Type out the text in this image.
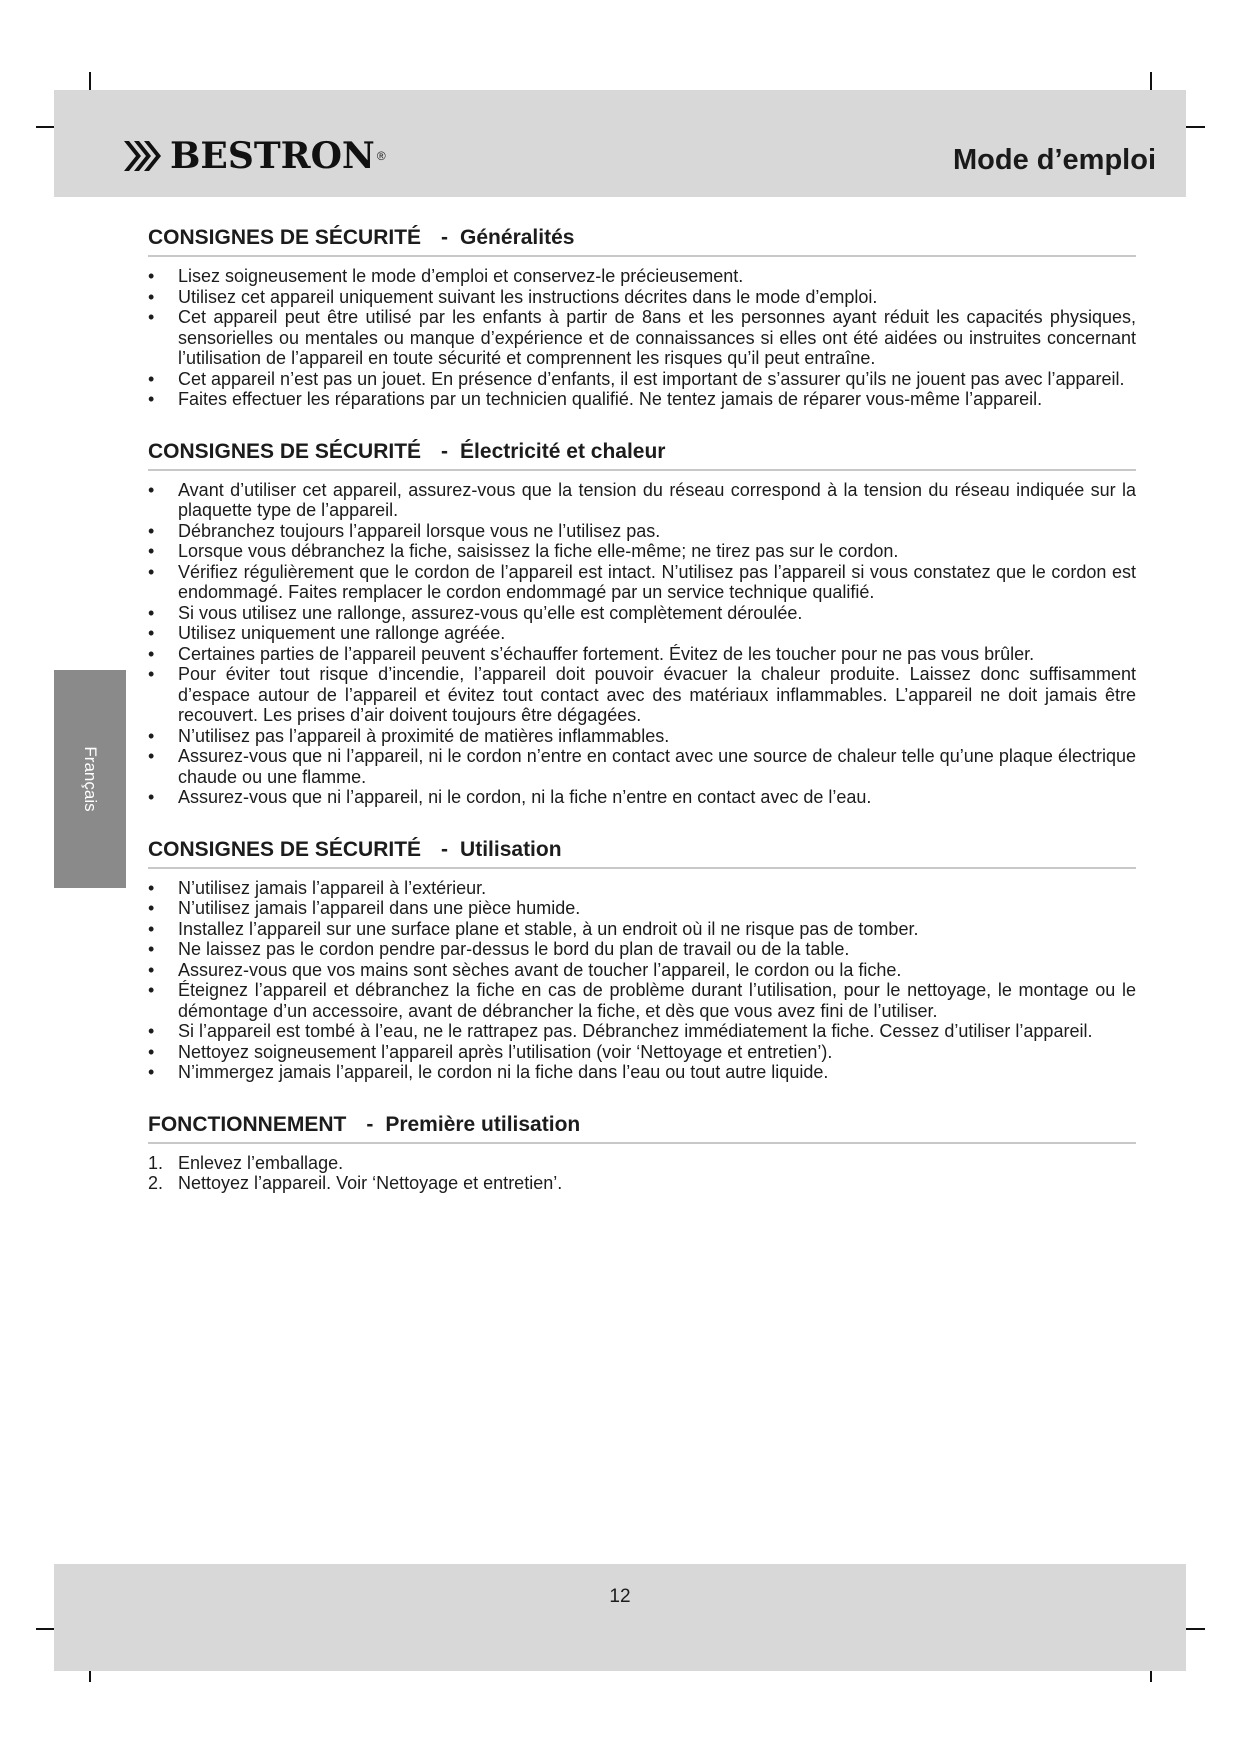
BESTRON ®	Mode d’emploi
Français
CONSIGNES DE SÉCURITÉ - Généralités
• Lisez soigneusement le mode d’emploi et conservez-le précieusement.
• Utilisez cet appareil uniquement suivant les instructions décrites dans le mode d’emploi.
• Cet appareil peut être utilisé par les enfants à partir de 8ans et les personnes ayant réduit les capacités physiques, sensorielles ou mentales ou manque d’expérience et de connaissances si elles ont été aidées ou instruites concernant l’utilisation de l’appareil en toute sécurité et comprennent les risques qu’il peut entraîne.
• Cet appareil n’est pas un jouet. En présence d’enfants, il est important de s’assurer qu’ils ne jouent pas avec l’appareil.
• Faites effectuer les réparations par un technicien qualifié. Ne tentez jamais de réparer vous-même l’appareil.
CONSIGNES DE SÉCURITÉ - Électricité et chaleur
• Avant d’utiliser cet appareil, assurez-vous que la tension du réseau correspond à la tension du réseau indiquée sur la plaquette type de l’appareil.
• Débranchez toujours l’appareil lorsque vous ne l’utilisez pas.
• Lorsque vous débranchez la fiche, saisissez la fiche elle-même; ne tirez pas sur le cordon.
• Vérifiez régulièrement que le cordon de l’appareil est intact. N’utilisez pas l’appareil si vous constatez que le cordon est endommagé. Faites remplacer le cordon endommagé par un service technique qualifié.
• Si vous utilisez une rallonge, assurez-vous qu’elle est complètement déroulée.
• Utilisez uniquement une rallonge agréée.
• Certaines parties de l’appareil peuvent s’échauffer fortement. Évitez de les toucher pour ne pas vous brûler.
• Pour éviter tout risque d’incendie, l’appareil doit pouvoir évacuer la chaleur produite. Laissez donc suffisamment d’espace autour de l’appareil et évitez tout contact avec des matériaux inflammables. L’appareil ne doit jamais être recouvert. Les prises d’air doivent toujours être dégagées.
• N’utilisez pas l’appareil à proximité de matières inflammables.
• Assurez-vous que ni l’appareil, ni le cordon n’entre en contact avec une source de chaleur telle qu’une plaque électrique chaude ou une flamme.
• Assurez-vous que ni l’appareil, ni le cordon, ni la fiche n’entre en contact avec de l’eau.
CONSIGNES DE SÉCURITÉ - Utilisation
• N’utilisez jamais l’appareil à l’extérieur.
• N’utilisez jamais l’appareil dans une pièce humide.
• Installez l’appareil sur une surface plane et stable, à un endroit où il ne risque pas de tomber.
• Ne laissez pas le cordon pendre par-dessus le bord du plan de travail ou de la table.
• Assurez-vous que vos mains sont sèches avant de toucher l’appareil, le cordon ou la fiche.
• Éteignez l’appareil et débranchez la fiche en cas de problème durant l’utilisation, pour le nettoyage, le montage ou le démontage d’un accessoire, avant de débrancher la fiche, et dès que vous avez fini de l’utiliser.
• Si l’appareil est tombé à l’eau, ne le rattrapez pas. Débranchez immédiatement la fiche. Cessez d’utiliser l’appareil.
• Nettoyez soigneusement l’appareil après l’utilisation (voir ‘Nettoyage et entretien’).
• N’immergez jamais l’appareil, le cordon ni la fiche dans l’eau ou tout autre liquide.
FONCTIONNEMENT - Première utilisation
1. Enlevez l’emballage.
2. Nettoyez l’appareil. Voir ‘Nettoyage et entretien’.
12
